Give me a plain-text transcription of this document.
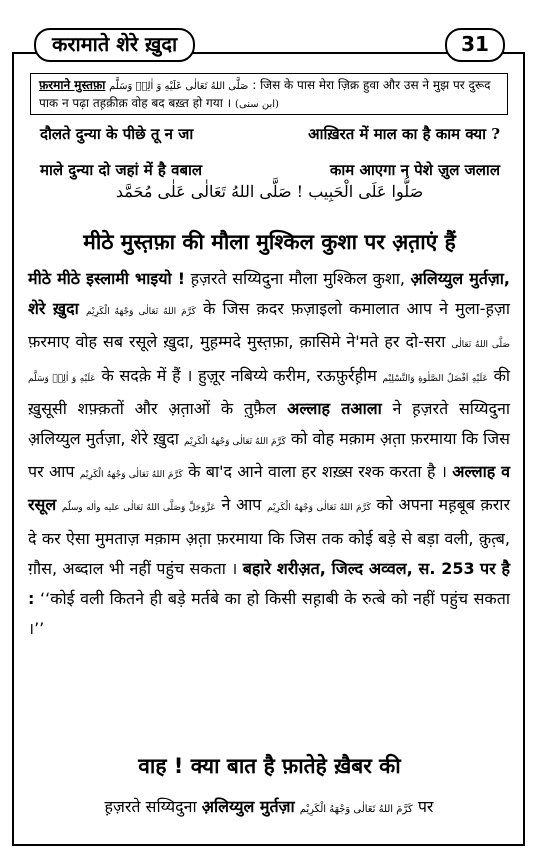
करामाते शेरे ख़ुदा	31
फ़रमाने मुस्तफ़ा صَلَّى اللهُ تَعَالٰى عَلَيْهِ وَ اٰلِهٖ وَسَلَّم : जिस के पास मेरा ज़िक्र हुवा और उस ने मुझ पर दुरूद पाक न पढ़ा तह़क़ीक़ वोह बद बख़्त हो गया । (ابن سنی)
दौलते दुन्या के पीछे तू न जा	आख़िरत में माल का है काम क्या ?
माले दुन्या दो जहां में है वबाल	काम आएगा न पेशे ज़ुल जलाल
صَلُّوا عَلَى الْحَبِيب ! صَلَّى اللهُ تَعَالٰى عَلٰى مُحَمَّد
मीठे मुस्त़फ़ा की मौला मुश्किल कुशा पर अ़त़ाएं हैं
मीठे मीठे इस्लामी भाइयो ! ह़ज़रते सय्यिदुना मौला मुश्किल कुशा, अ़लिय्युल मुर्तज़ा, शेरे ख़ुदा كَرَّمَ اللهُ تَعَالٰى وَجْهَهُ الْكَرِيْم के जिस क़दर फ़ज़ाइलो कमालात आप ने मुला-ह़ज़ा फ़रमाए वोह सब रसूले ख़ुदा, मुह़म्मदे मुस्त़फ़ा, क़ासिमे ने'मते हर दो-सरा صَلَّى اللهُ تَعَالٰى عَلَيْهِ وَ اٰلِهٖ وَسَلَّم के सदक़े में हैं । हुज़ूर नबिय्ये करीम, रऊफ़ुर्रह़ीम عَلَيْهِ اَفْضَلُ الصَّلٰوةِ وَالتَّسْلِيْم की ख़ुसूसी शफ़्क़तों और अ़त़ाओं के त़ुफ़ैल अल्लाह तआला ने ह़ज़रते सय्यिदुना अ़लिय्युल मुर्तज़ा, शेरे ख़ुदा كَرَّمَ اللهُ تَعَالٰى وَجْهَهُ الْكَرِيْم को वोह मक़ाम अ़त़ा फ़रमाया कि जिस पर आप كَرَّمَ اللهُ تَعَالٰى وَجْهَهُ الْكَرِيْم के बा'द आने वाला हर शख़्स रश्क करता है । अल्लाह व रसूल عَزَّوَجَلَّ وَصَلَّى اللهُ تَعَالٰى عليه واٰله وسلّم ने आप كَرَّمَ اللهُ تَعَالٰى وَجْهَهُ الْكَرِيْم को अपना मह़बूब क़रार दे कर ऐसा मुमताज़ मक़ाम अ़त़ा फ़रमाया कि जिस तक कोई बड़े से बड़ा वली, क़ुत़्ब, ग़ौस, अब्दाल भी नहीं पहुंच सकता । बहारे शरीअ़त, जिल्द अव्वल, स. 253 पर है : ‘‘कोई वली कितने ही बड़े मर्तबे का हो किसी सह़ाबी के रुत्बे को नहीं पहुंच सकता ।’’
वाह ! क्या बात है फ़ातेहे ख़ैबर की
ह़ज़रते सय्यिदुना अ़लिय्युल मुर्तज़ा كَرَّمَ اللهُ تَعَالٰى وَجْهَهُ الْكَرِيْم पर
